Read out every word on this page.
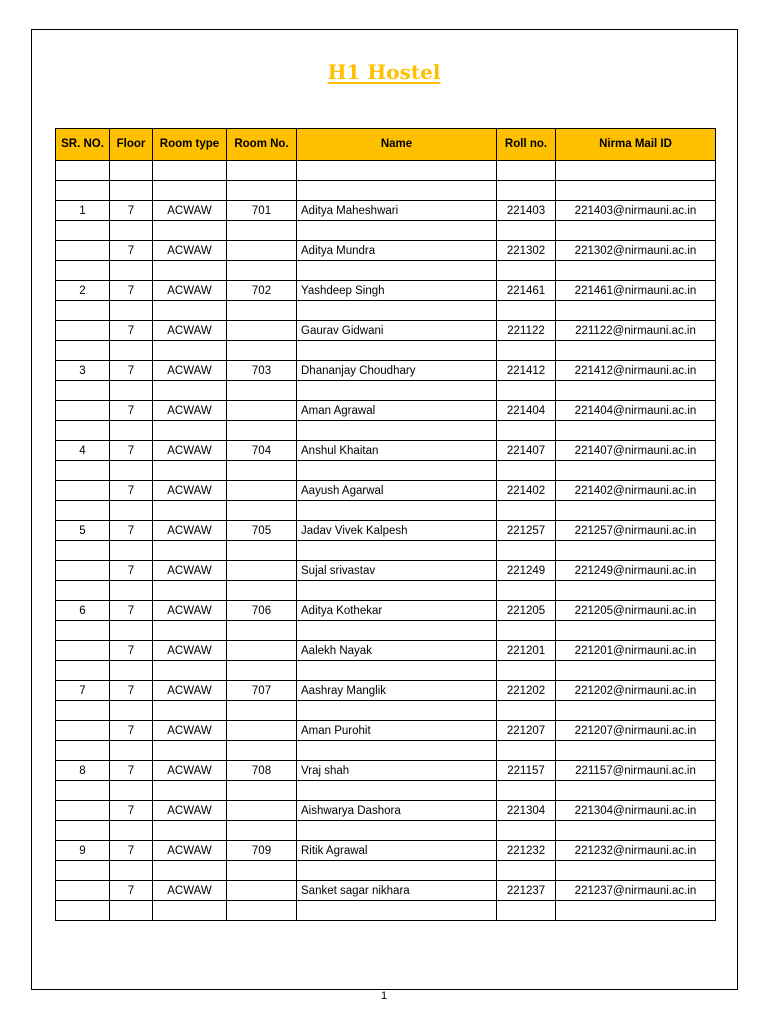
H1 Hostel
SR. NO.	Floor	Room type	Room No.	Name	Roll no.	Nirma Mail ID

1	7	ACWAW	701	Aditya Maheshwari	221403	221403@nirmauni.ac.in

	7	ACWAW		Aditya Mundra	221302	221302@nirmauni.ac.in

2	7	ACWAW	702	Yashdeep Singh	221461	221461@nirmauni.ac.in

	7	ACWAW		Gaurav Gidwani	221122	221122@nirmauni.ac.in

3	7	ACWAW	703	Dhananjay Choudhary	221412	221412@nirmauni.ac.in

	7	ACWAW		Aman Agrawal	221404	221404@nirmauni.ac.in

4	7	ACWAW	704	Anshul Khaitan	221407	221407@nirmauni.ac.in

	7	ACWAW		Aayush Agarwal	221402	221402@nirmauni.ac.in

5	7	ACWAW	705	Jadav Vivek Kalpesh	221257	221257@nirmauni.ac.in

	7	ACWAW		Sujal srivastav	221249	221249@nirmauni.ac.in

6	7	ACWAW	706	Aditya Kothekar	221205	221205@nirmauni.ac.in

	7	ACWAW		Aalekh Nayak	221201	221201@nirmauni.ac.in

7	7	ACWAW	707	Aashray Manglik	221202	221202@nirmauni.ac.in

	7	ACWAW		Aman Purohit	221207	221207@nirmauni.ac.in

8	7	ACWAW	708	Vraj shah	221157	221157@nirmauni.ac.in

	7	ACWAW		Aishwarya Dashora	221304	221304@nirmauni.ac.in

9	7	ACWAW	709	Ritik Agrawal	221232	221232@nirmauni.ac.in

	7	ACWAW		Sanket sagar nikhara	221237	221237@nirmauni.ac.in

1
